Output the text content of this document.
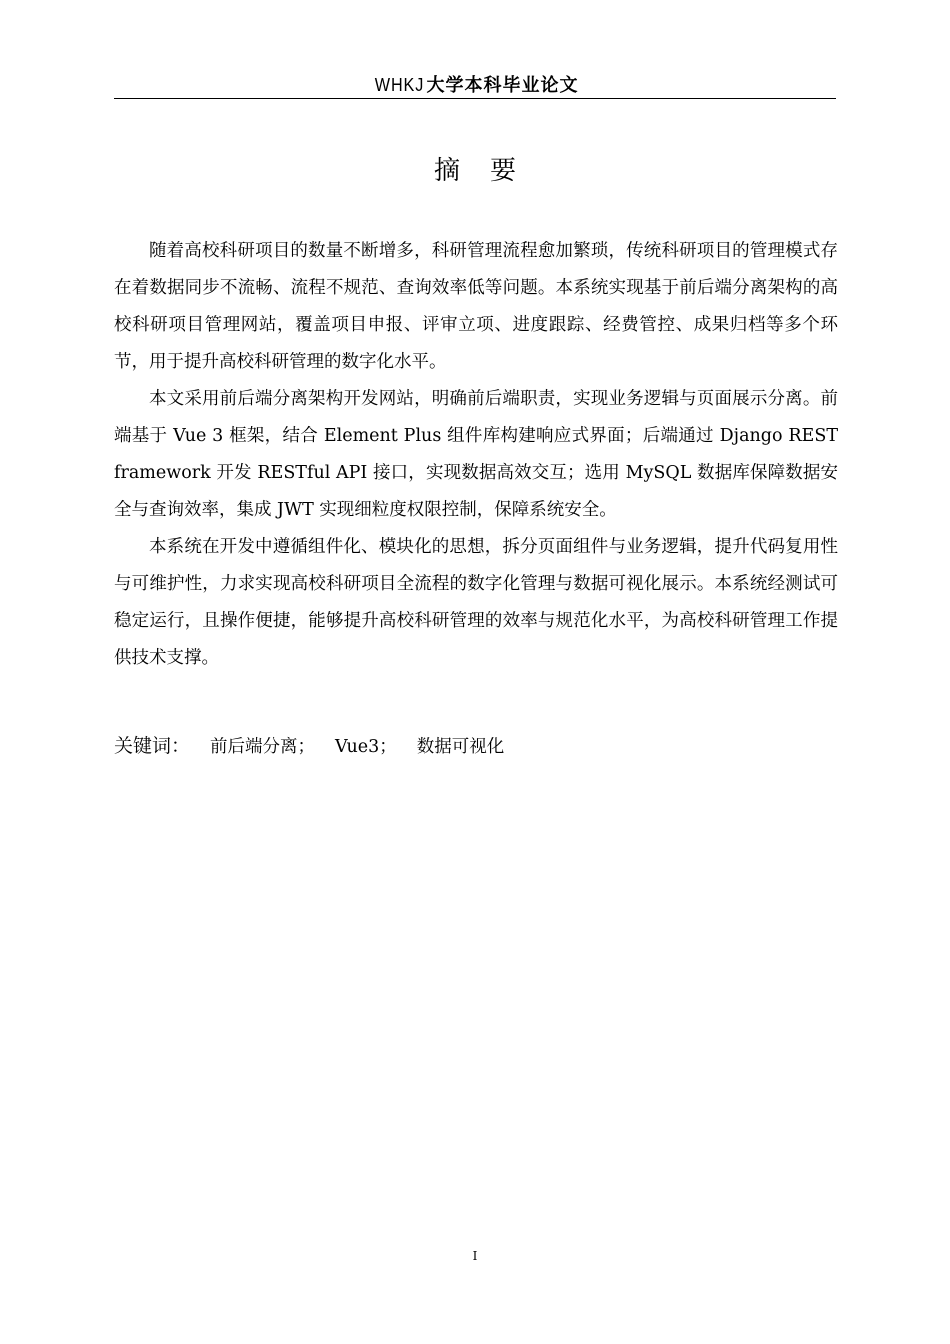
WHKJ 大学本科毕业论文
摘要

随着高校科研项目的数量不断增多，科研管理流程愈加繁琐，传统科研项目的管理模式存在着数据同步不流畅、流程不规范、查询效率低等问题。本系统实现基于前后端分离架构的高校科研项目管理网站，覆盖项目申报、评审立项、进度跟踪、经费管控、成果归档等多个环节，用于提升高校科研管理的数字化水平。

本文采用前后端分离架构开发网站，明确前后端职责，实现业务逻辑与页面展示分离。前端基于 Vue 3 框架，结合 Element Plus 组件库构建响应式界面；后端通过 Django REST framework 开发 RESTful API 接口，实现数据高效交互；选用 MySQL 数据库保障数据安全与查询效率，集成 JWT 实现细粒度权限控制，保障系统安全。

本系统在开发中遵循组件化、模块化的思想，拆分页面组件与业务逻辑，提升代码复用性与可维护性，力求实现高校科研项目全流程的数字化管理与数据可视化展示。本系统经测试可稳定运行，且操作便捷，能够提升高校科研管理的效率与规范化水平，为高校科研管理工作提供技术支撑。

关键词： 前后端分离； Vue3； 数据可视化
I
